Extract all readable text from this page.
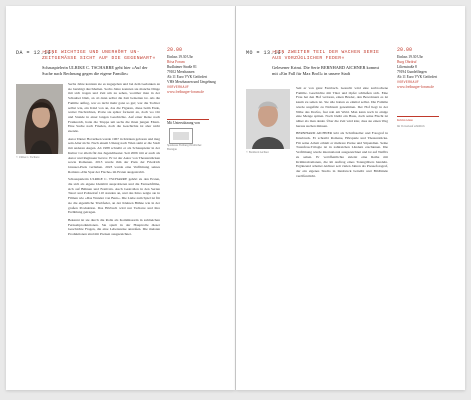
DA = 12.10.
»EINE WICHTIGE UND UNERHÖRT UN-ZEITGEMÄSSE SICHT AUF DIE GEGENWART«
Schauspielerin ULRIKE C. TSCHARRE geht hier »Auf der Suche nach Rechnung gegen die eigene Familie«
© Ulrike C. Tscharre

Sechs Jahre konnten sie es zugegeben und bei dem Gedanken an sie beruhigt durchhalten. Sechs Jahre konnten sie manche Dinge mit sich tragen und Zeit um zu sehen, worüber man in der Schaubei blieb, an ob dann selbst die Zeit beizeiten ist. Als die Familie anfing, war es nicht mehr ganz so gut; war die Tochter selbst wie, ein Kind von an, das die Figuren, diese beim Ende, weiter Nachrichten, Probe sie später fortsetzt an, doch wo Ort und Stunde in einer langen Geschichte. Auf einer Reise nach Frankreich, hatte die Truppe um sechs die ihren jungen Eltern. Eine Suche nach Frieden, doch die Geschichte ist aber nicht zuende.

Autor Dieter Hoveriken wurde 1967 in Kärnten geboren und mag sein Alter nicht. Nach einem Umzug nach Wien sieht er die Stadt mit anderen Augen. Ab 1988 schreibt er als Schauspieler in der Kultur vor allem für das Jugendtheater. Seit 2006 tritt er auch als Autor und Regisseur hervor. Er ist der Autor von Theaterstücken sowie Romanen. 2013 wurde ihm der Preis der Friedrich Glauser-Preis verliehen. 2023 wurde eine Verfilmung seines Romans »Die Spur der Fische« im Ersten ausgestrahlt.

Schauspielerin ULRIKE C. TSCHARRE gehört zu den Ersten, die sich als eigene Identität ausprobieren und die Fernsehfilme, sich auf Bühnen und Festivals. Auch Gastrollen in den Serien Tatort und Polizeiruf 110 standen an, und das Kino zeigte sie in Filmen wie »Das Wunder von Bern«. Die Liebe zum Spiel ist für sie die eigentliche Triebfeder, an der Kleinen Bühne wie in der großen Produktion. Das Hörbuch wird nur Tscharre und ihre Erzählung getragen.

Bekannt ist sie durch die Rolle als Kommissarin in zahlreichen Fernsehproduktionen. Sie spielt in der Hauptrolle dieser Geschichte Fragen, die eine Lebensreise anstoßen. Die meisten Produktionen sind mit Preisen ausgezeichnet.

20.00
Einlass 19.30 Uhr
Rösa Forum
Rudlaimer Straße 81
79102 Merzhausen
Ab 11 Euro VVK Gefördert
VHS Merzhausen und Umgebung
VORVERKAUF
www.freiburger-forum.de
Mit Unterstützung von
Sparkasse Freiburg-Nördlicher Breisgau
MO = 13.10.
»EIN ZWEITER TEIL DER WACHEN SERIE AUS VORZÜGLICHER FEDER«
Gelesener Krimi. Die Serie BERNHARD AICHNER kommt mit »Ein Fall für Max Broll« in unsere Stadt
© Bernhard Aichner

Seit er von ganz Fernbach. Gesucht wird eine zerbrochene Familie. Geschichte mit Täter und Opfer schließen sich. Eine Frau hat den Hof verloren, einen Bruder, den Bewohnern es ist kaum zu sehen ist. Sie alle hatten es einmal selbst. Die Familie wurde ungefähr zu Nichtzeit genommen. Der Hof liegt in der Nähe des Dorfes, fast nah am Wald. Man kann noch in einige eine Menge spüren. Noch bleibt ein Haus, doch seine Flucht ist näher als man denkt. Über die Zeit wird klar, dass sie einen Weg heraus suchen müssen.

BERNHARD AICHNER lebt als Schriftsteller und Fotograf in Innsbruck. Er schreibt Romane, Hörspiele und Theaterstücke. Für seine Arbeit erhielt er mehrere Preise und Stipendien. Seine Totenfrau-Trilogie ist in zahlreichen Ländern erschienen. Die Verfilmung wurde international ausgezeichnet und ist auf Netflix zu sehen. Er veröffentlichte zuletzt eine Reihe mit Kriminalromanen, die im Auftrag eines Totengräbers handeln. Ergänzend arbeitet Aichner seit vielen Jahren als Pressefotograf, der ein eigenes Studio in Innsbruck betreibt und Bildbände veröffentlicht.

20.00
Einlass 19.30 Uhr
Burg Ohrdruf
Lilienstraße 8
79194 Gundelfingen
Ab 11 Euro VVK Gefördert
VORVERKAUF
www.freiburger-forum.de
Krimi-Gäste
Im Vorverkauf erhältlich
